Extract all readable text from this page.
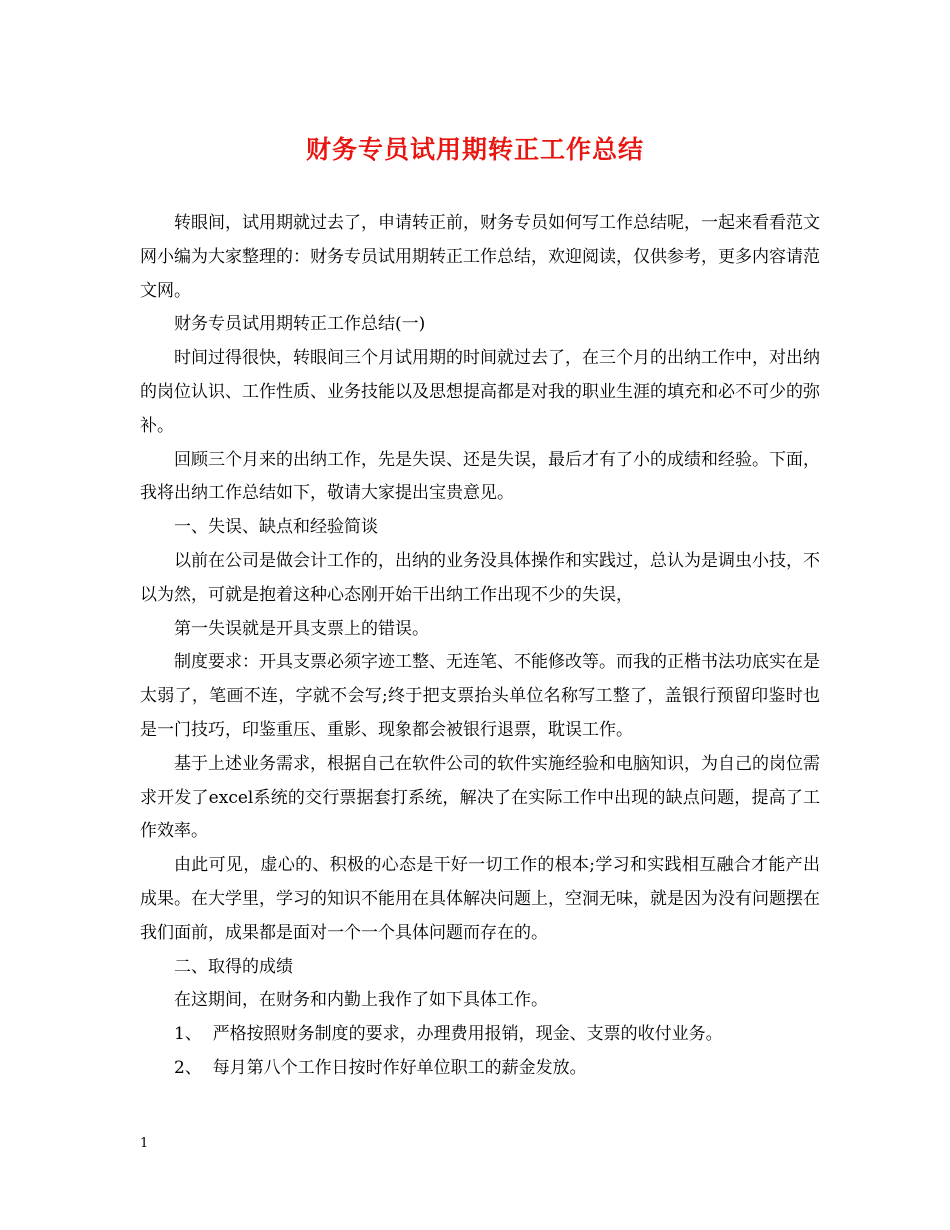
财务专员试用期转正工作总结

转眼间，试用期就过去了，申请转正前，财务专员如何写工作总结呢，一起来看看范文网小编为大家整理的：财务专员试用期转正工作总结，欢迎阅读，仅供参考，更多内容请范文网。

财务专员试用期转正工作总结(一)

时间过得很快，转眼间三个月试用期的时间就过去了，在三个月的出纳工作中，对出纳的岗位认识、工作性质、业务技能以及思想提高都是对我的职业生涯的填充和必不可少的弥补。

回顾三个月来的出纳工作，先是失误、还是失误，最后才有了小的成绩和经验。下面，我将出纳工作总结如下，敬请大家提出宝贵意见。

一、失误、缺点和经验简谈

以前在公司是做会计工作的，出纳的业务没具体操作和实践过，总认为是调虫小技，不以为然，可就是抱着这种心态刚开始干出纳工作出现不少的失误，

第一失误就是开具支票上的错误。

制度要求：开具支票必须字迹工整、无连笔、不能修改等。而我的正楷书法功底实在是太弱了，笔画不连，字就不会写;终于把支票抬头单位名称写工整了，盖银行预留印鉴时也是一门技巧，印鉴重压、重影、现象都会被银行退票，耽误工作。

基于上述业务需求，根据自己在软件公司的软件实施经验和电脑知识，为自己的岗位需求开发了excel系统的交行票据套打系统，解决了在实际工作中出现的缺点问题，提高了工作效率。

由此可见，虚心的、积极的心态是干好一切工作的根本;学习和实践相互融合才能产出成果。在大学里，学习的知识不能用在具体解决问题上，空洞无味，就是因为没有问题摆在我们面前，成果都是面对一个一个具体问题而存在的。

二、取得的成绩

在这期间，在财务和内勤上我作了如下具体工作。

1、  严格按照财务制度的要求，办理费用报销，现金、支票的收付业务。

2、  每月第八个工作日按时作好单位职工的薪金发放。

1
